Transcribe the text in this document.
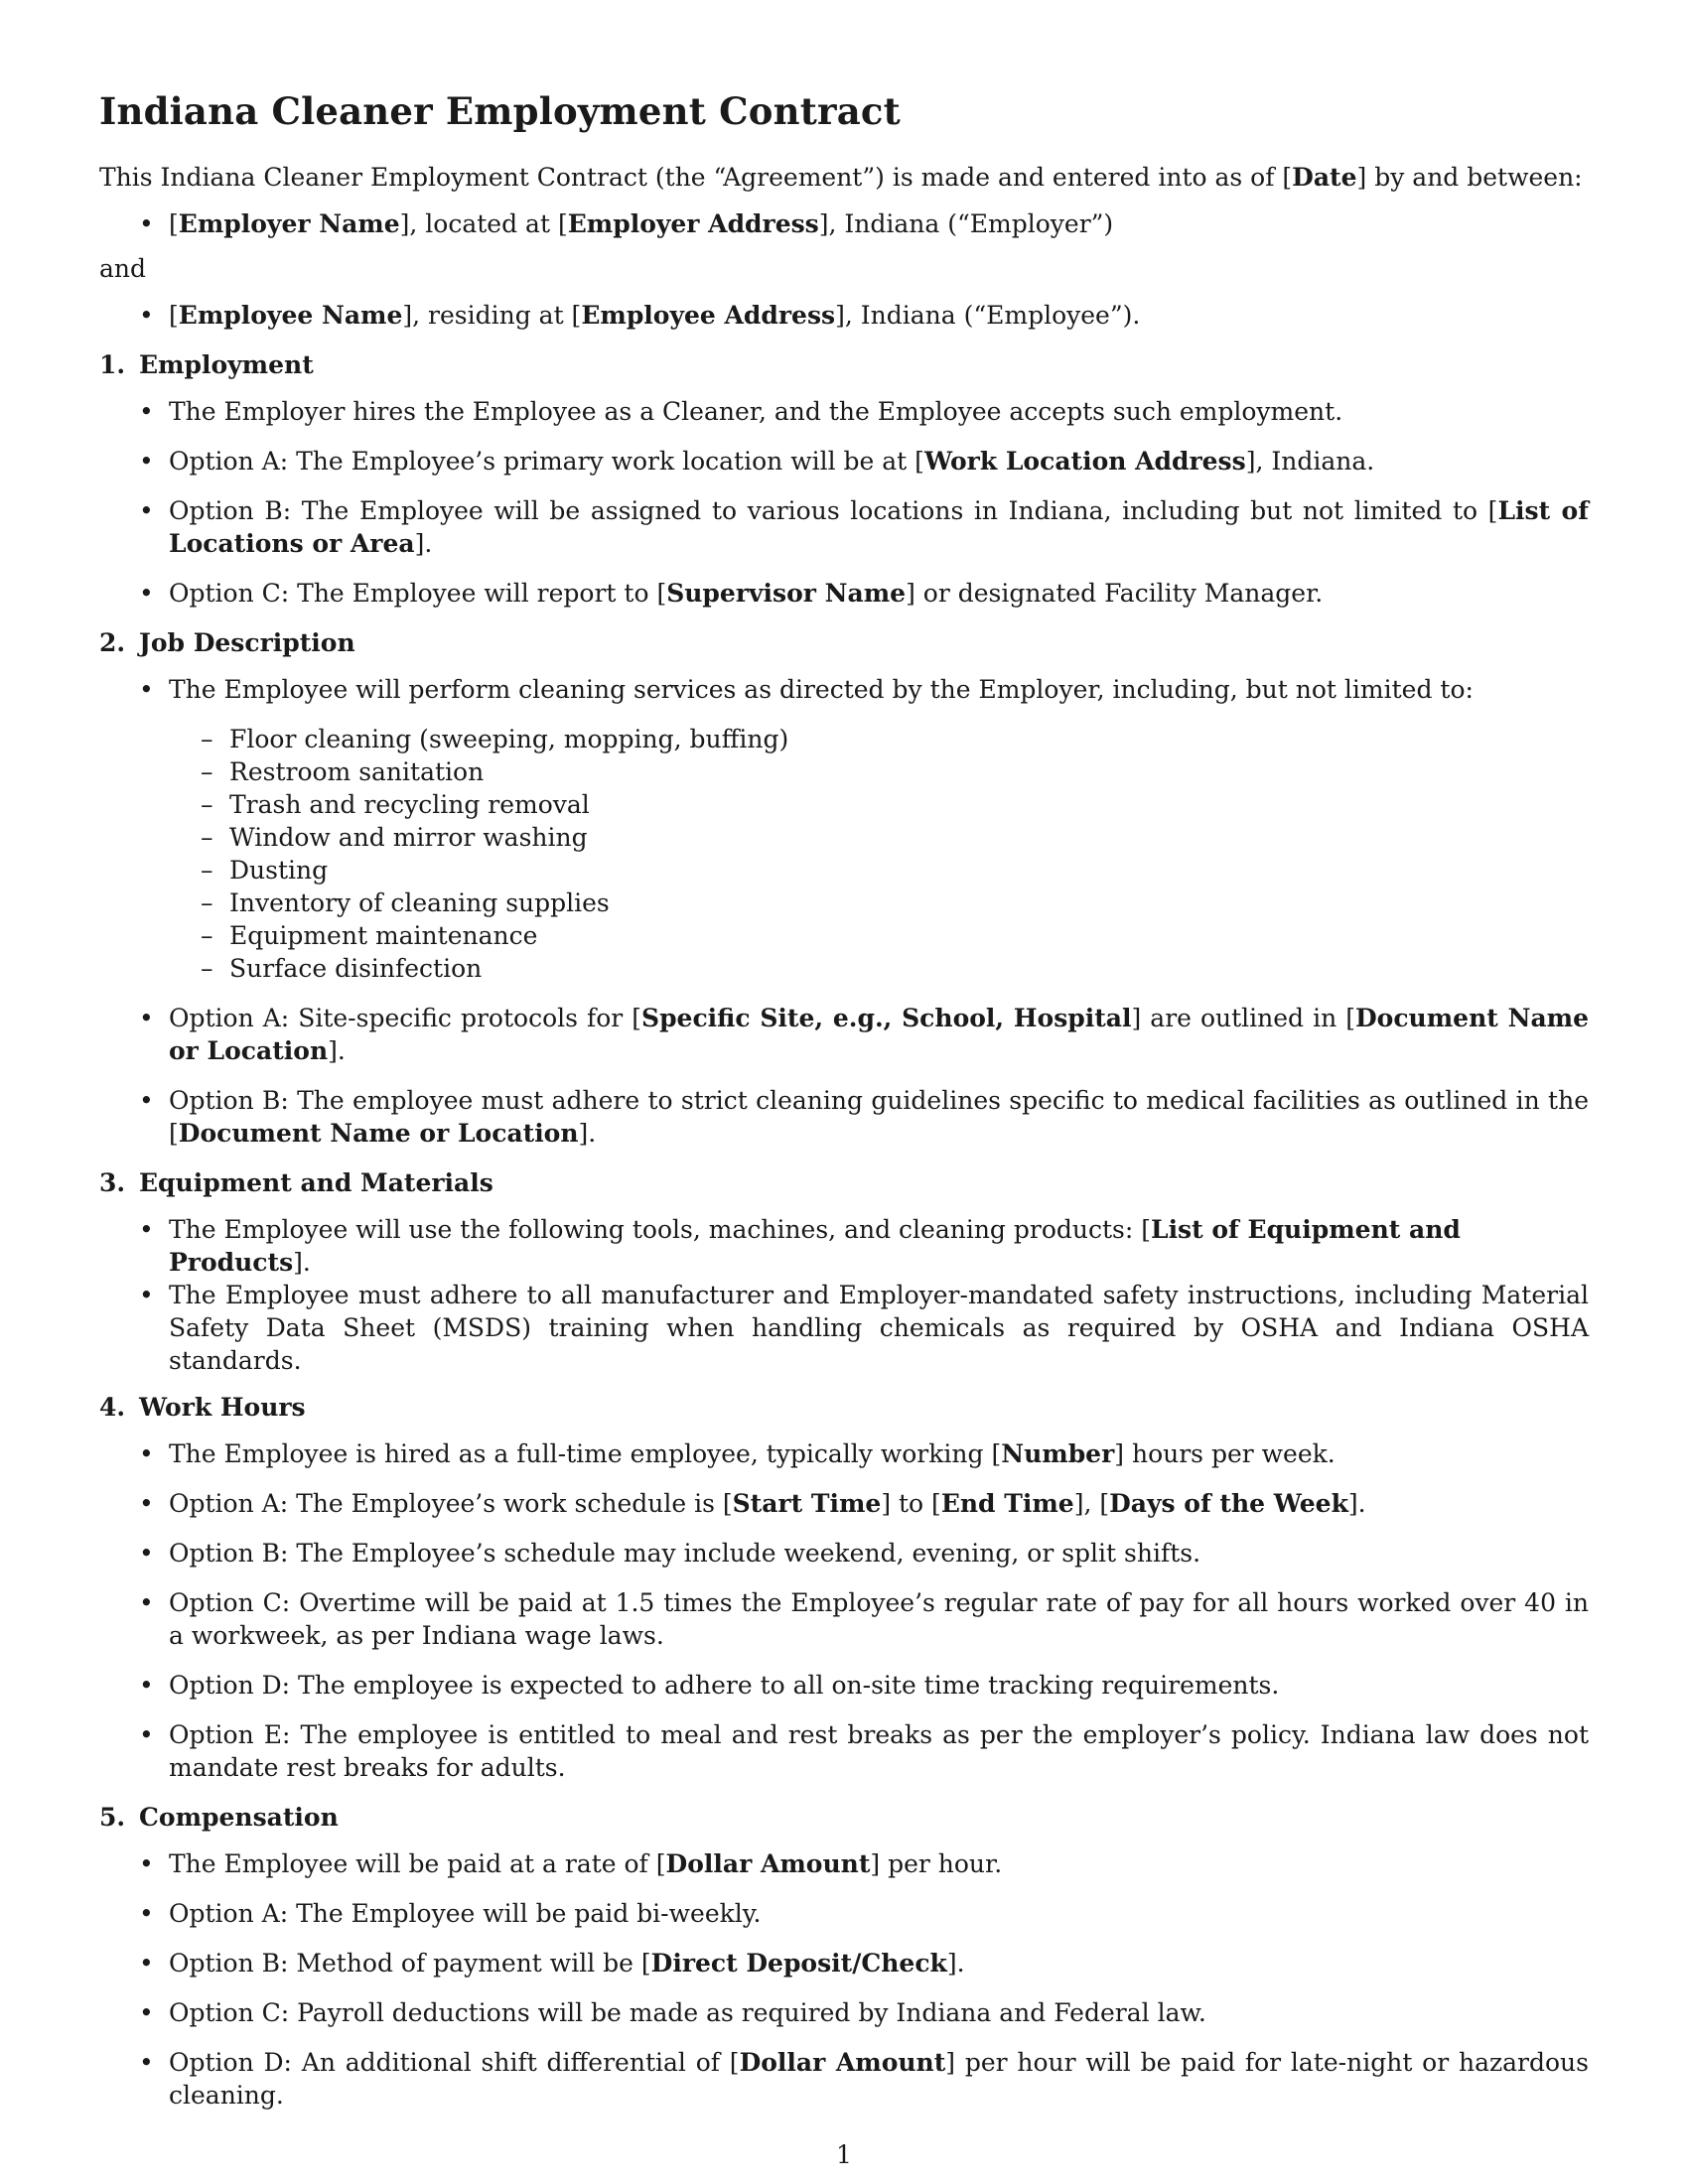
Indiana Cleaner Employment Contract

This Indiana Cleaner Employment Contract (the “Agreement”) is made and entered into as of [Date] by and between:

• [Employer Name], located at [Employer Address], Indiana (“Employer”)

and

• [Employee Name], residing at [Employee Address], Indiana (“Employee”).
1. Employment
• The Employer hires the Employee as a Cleaner, and the Employee accepts such employment.
• Option A: The Employee’s primary work location will be at [Work Location Address], Indiana.
• Option B: The Employee will be assigned to various locations in Indiana, including but not limited to [List of Locations or Area].
• Option C: The Employee will report to [Supervisor Name] or designated Facility Manager.
2. Job Description
• The Employee will perform cleaning services as directed by the Employer, including, but not limited to:
– Floor cleaning (sweeping, mopping, buffing)
– Restroom sanitation
– Trash and recycling removal
– Window and mirror washing
– Dusting
– Inventory of cleaning supplies
– Equipment maintenance
– Surface disinfection
• Option A: Site-specific protocols for [Specific Site, e.g., School, Hospital] are outlined in [Document Name or Location].
• Option B: The employee must adhere to strict cleaning guidelines specific to medical facilities as outlined in the [Document Name or Location].
3. Equipment and Materials
• The Employee will use the following tools, machines, and cleaning products: [List of Equipment and Products].
• The Employee must adhere to all manufacturer and Employer-mandated safety instructions, including Material Safety Data Sheet (MSDS) training when handling chemicals as required by OSHA and Indiana OSHA standards.
4. Work Hours
• The Employee is hired as a full-time employee, typically working [Number] hours per week.
• Option A: The Employee’s work schedule is [Start Time] to [End Time], [Days of the Week].
• Option B: The Employee’s schedule may include weekend, evening, or split shifts.
• Option C: Overtime will be paid at 1.5 times the Employee’s regular rate of pay for all hours worked over 40 in a workweek, as per Indiana wage laws.
• Option D: The employee is expected to adhere to all on-site time tracking requirements.
• Option E: The employee is entitled to meal and rest breaks as per the employer’s policy. Indiana law does not mandate rest breaks for adults.
5. Compensation
• The Employee will be paid at a rate of [Dollar Amount] per hour.
• Option A: The Employee will be paid bi-weekly.
• Option B: Method of payment will be [Direct Deposit/Check].
• Option C: Payroll deductions will be made as required by Indiana and Federal law.
• Option D: An additional shift differential of [Dollar Amount] per hour will be paid for late-night or hazardous cleaning.
1
